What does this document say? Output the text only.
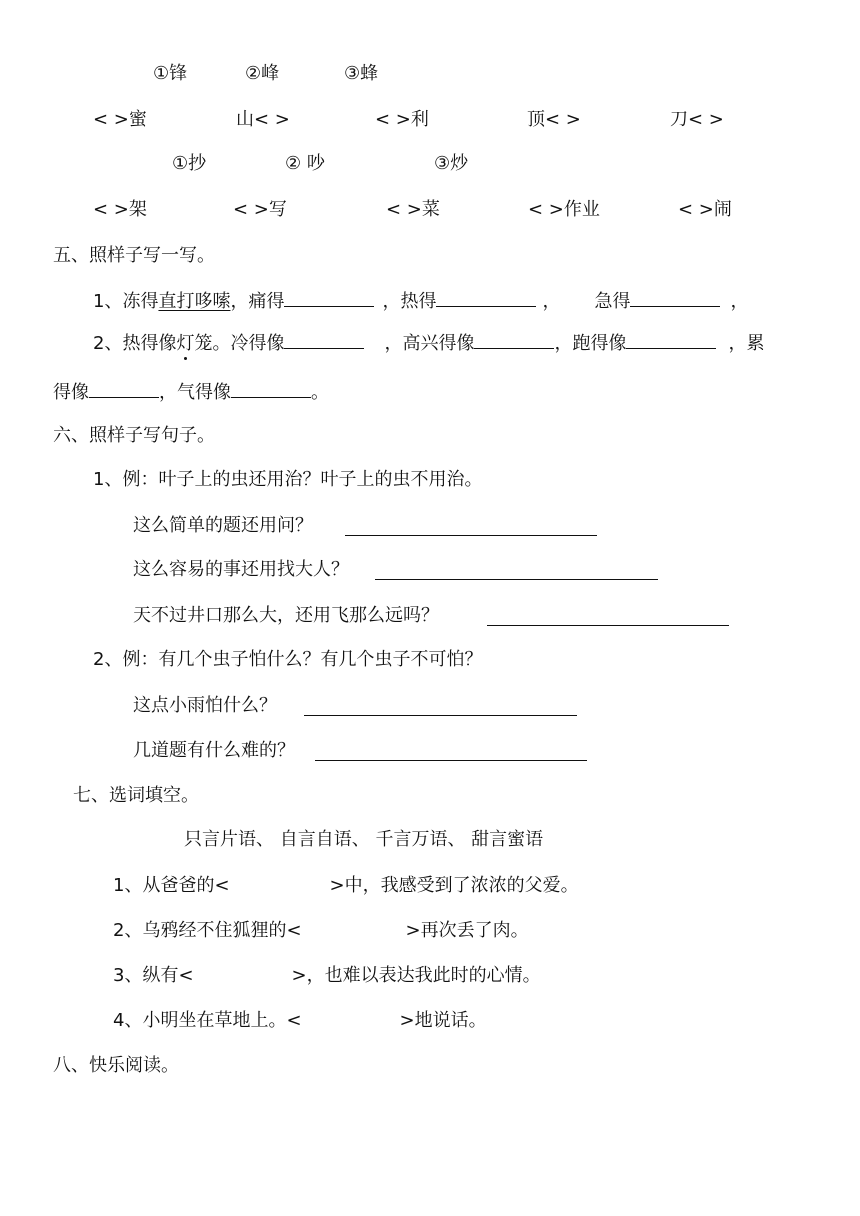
①锋	②峰	③蜂
< >蜜	山< >	< >利	顶< >	刀< >
①抄	② 吵	③炒
< >架	< >写	< >菜	< >作业	< >闹
五、照样子写一写。
1、冻得直打哆嗦，痛得	，热得	， 急得	，
2、热得像灯笼。冷得像	，高兴得像	，跑得像	，累
得像	，气得像	。
六、照样子写句子。
1、例：叶子上的虫还用治？叶子上的虫不用治。
这么简单的题还用问？
这么容易的事还用找大人？
天不过井口那么大，还用飞那么远吗？
2、例：有几个虫子怕什么？有几个虫子不可怕？
这点小雨怕什么？
几道题有什么难的？
七、选词填空。
只言片语、 自言自语、 千言万语、 甜言蜜语
1、从爸爸的<	>中，我感受到了浓浓的父爱。
2、乌鸦经不住狐狸的<	>再次丢了肉。
3、纵有<	>，也难以表达我此时的心情。
4、小明坐在草地上。<	>地说话。
八、快乐阅读。
